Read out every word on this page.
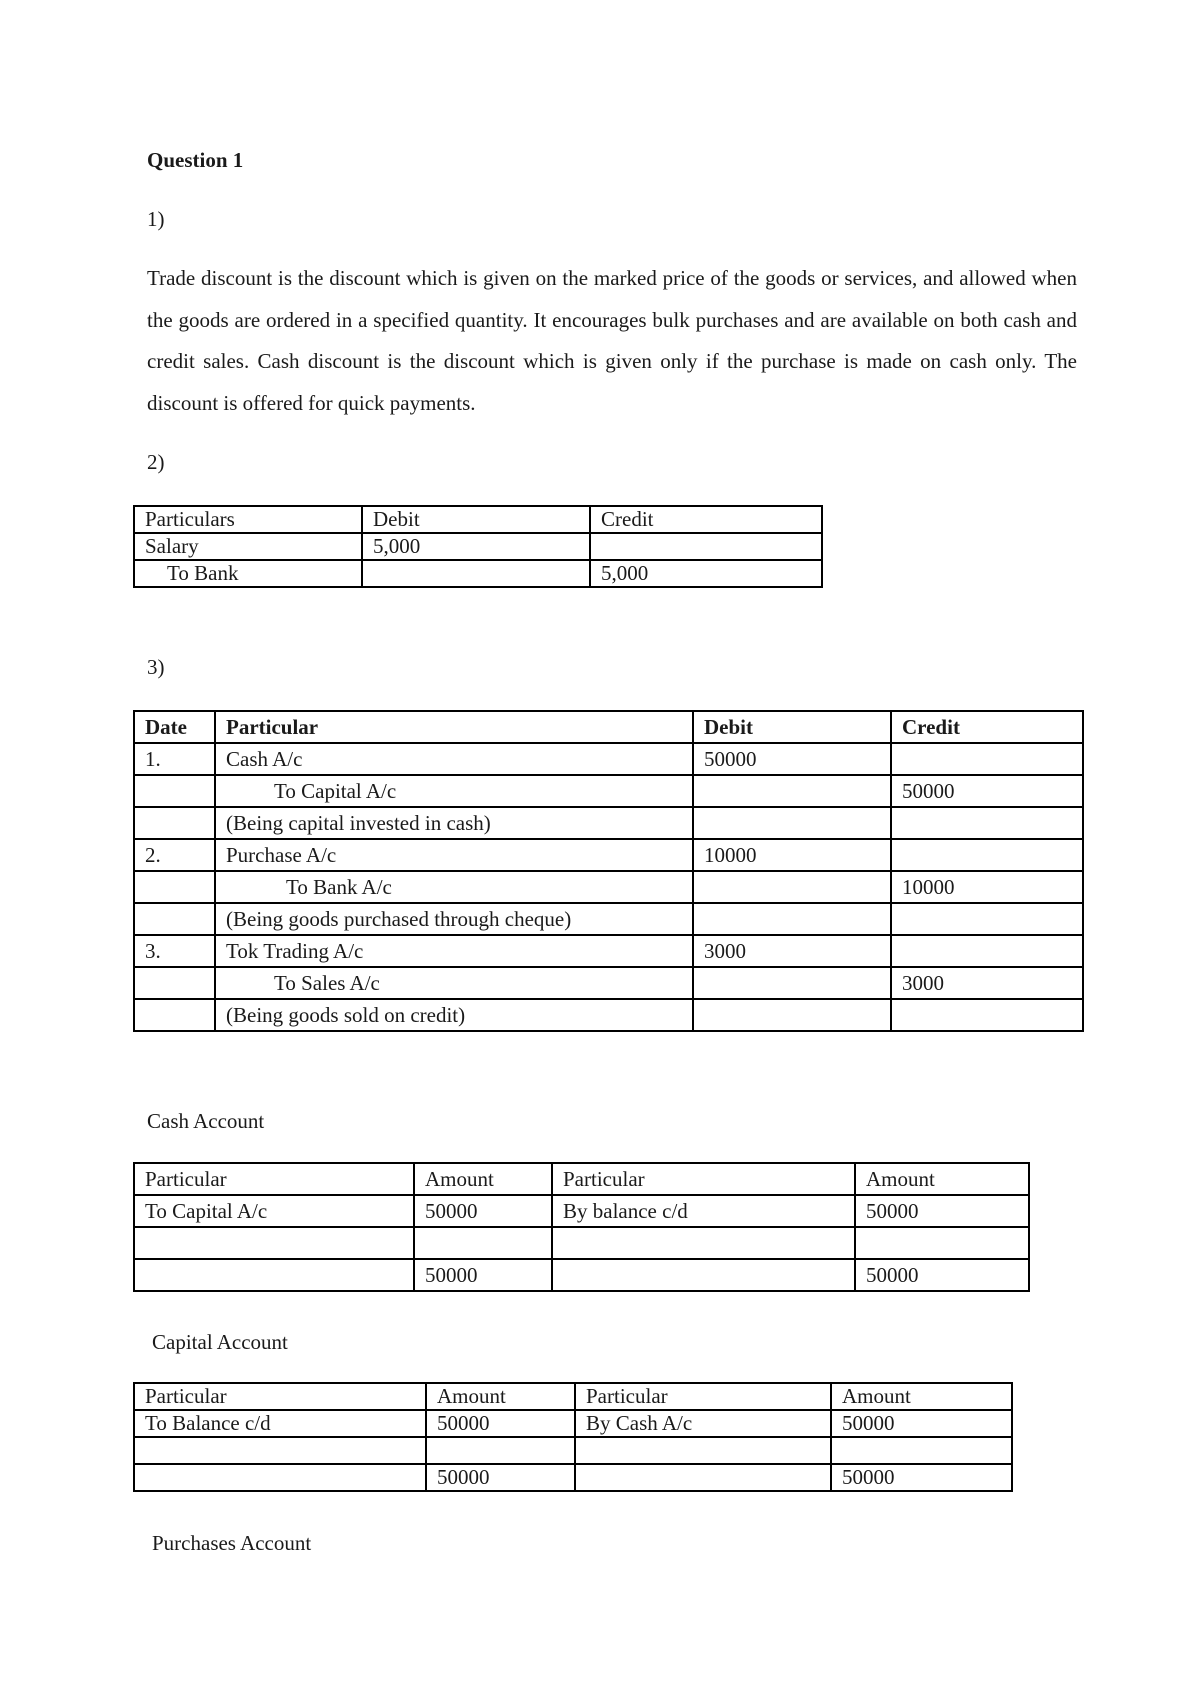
Question 1
1)
Trade discount is the discount which is given on the marked price of the goods or services, and allowed when the goods are ordered in a specified quantity. It encourages bulk purchases and are available on both cash and credit sales. Cash discount is the discount which is given only if the purchase is made on cash only. The discount is offered for quick payments.
2)
Particulars	Debit	Credit
Salary	5,000	
To Bank		5,000
3)
Date	Particular	Debit	Credit
1.	Cash A/c	50000	
	To Capital A/c		50000
	(Being capital invested in cash)		
2.	Purchase A/c	10000	
	To Bank A/c		10000
	(Being goods purchased through cheque)		
3.	Tok Trading A/c	3000	
	To Sales A/c		3000
	(Being goods sold on credit)		
Cash Account
Particular	Amount	Particular	Amount
To Capital A/c	50000	By balance c/d	50000

	50000		50000
Capital Account
Particular	Amount	Particular	Amount
To Balance c/d	50000	By Cash A/c	50000

	50000		50000
Purchases Account
